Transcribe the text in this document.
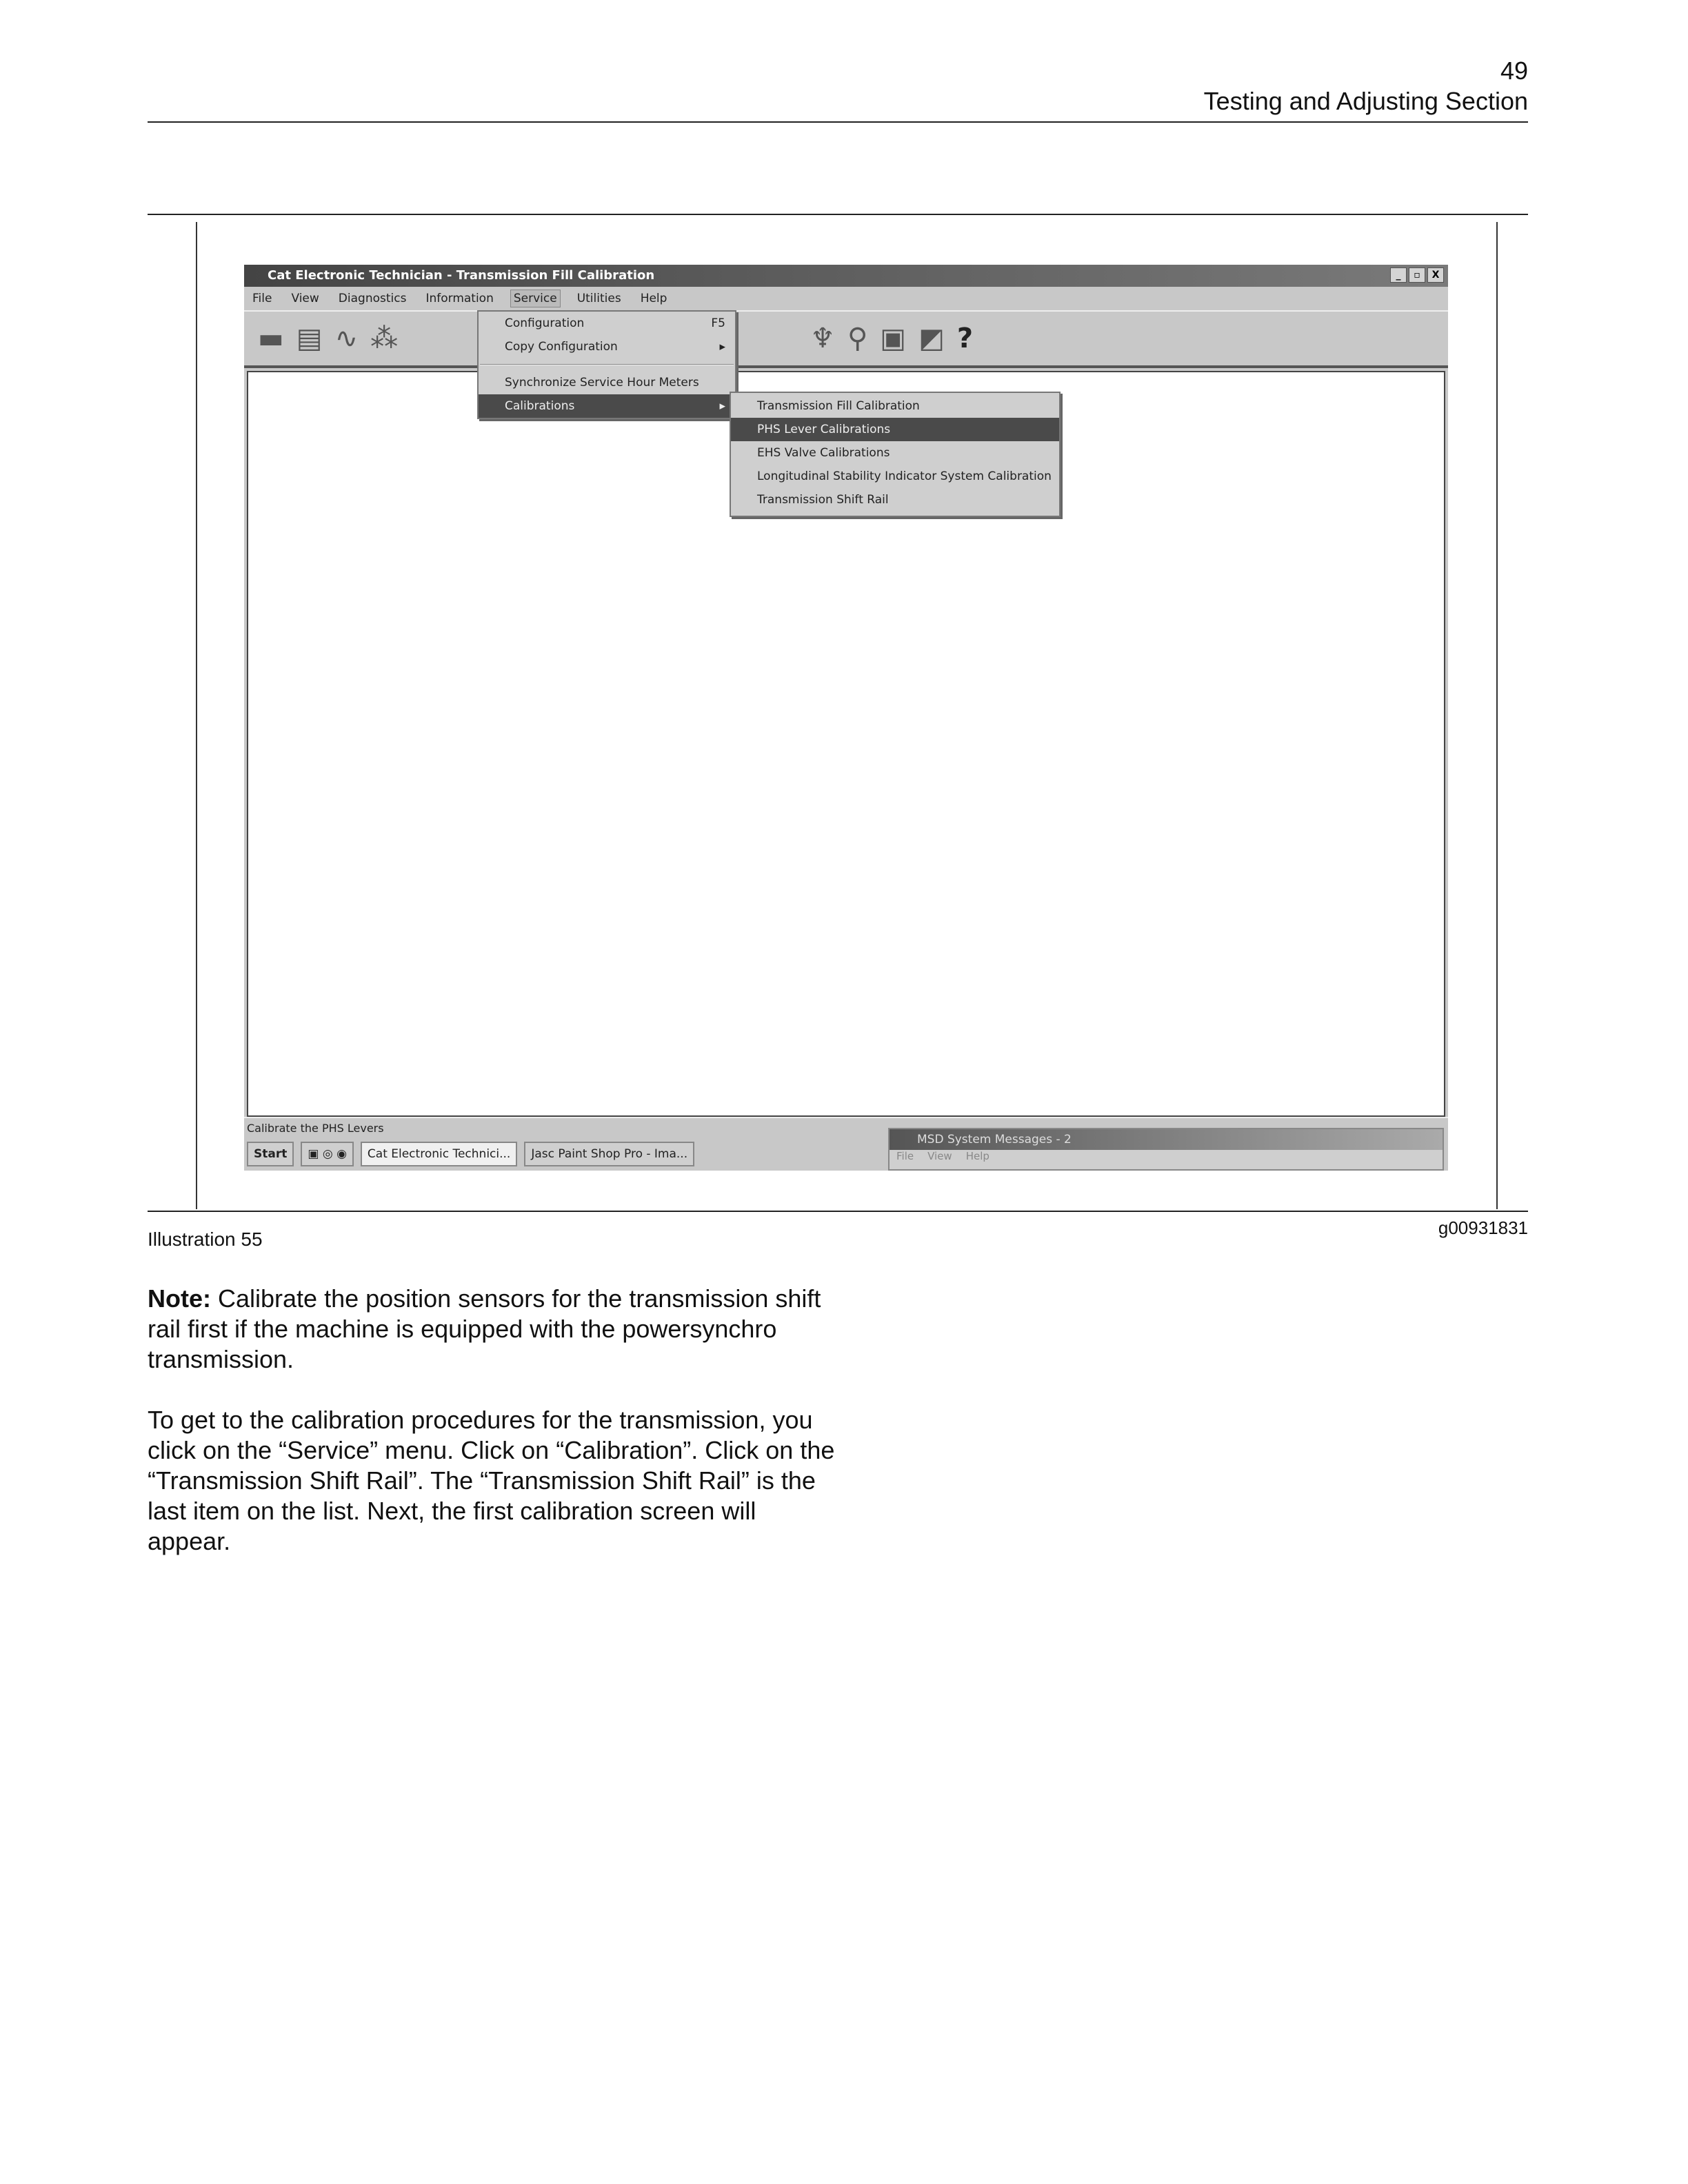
49
Testing and Adjusting Section
Cat Electronic Technician - Transmission Fill Calibration	_	▫	X
File View Diagnostics Information Service Utilities Help
▬ ▤ ∿ ⁂	♆ ⚲ ▣ ◩ ?
Configuration	F5
Copy Configuration	▸
Synchronize Service Hour Meters
Calibrations	▸	Transmission Fill Calibration
PHS Lever Calibrations
EHS Valve Calibrations
Longitudinal Stability Indicator System Calibration
Transmission Shift Rail
Calibrate the PHS Levers
Start	▣ ◎ ◉	Cat Electronic Technici...	Jasc Paint Shop Pro - Ima...
MSD System Messages - 2
File View Help
Illustration 55
g00931831

Note: Calibrate the position sensors for the transmission shift rail first if the machine is equipped with the powersynchro transmission.

To get to the calibration procedures for the transmission, you click on the “Service” menu. Click on “Calibration”. Click on the “Transmission Shift Rail”. The “Transmission Shift Rail” is the last item on the list. Next, the first calibration screen will appear.
